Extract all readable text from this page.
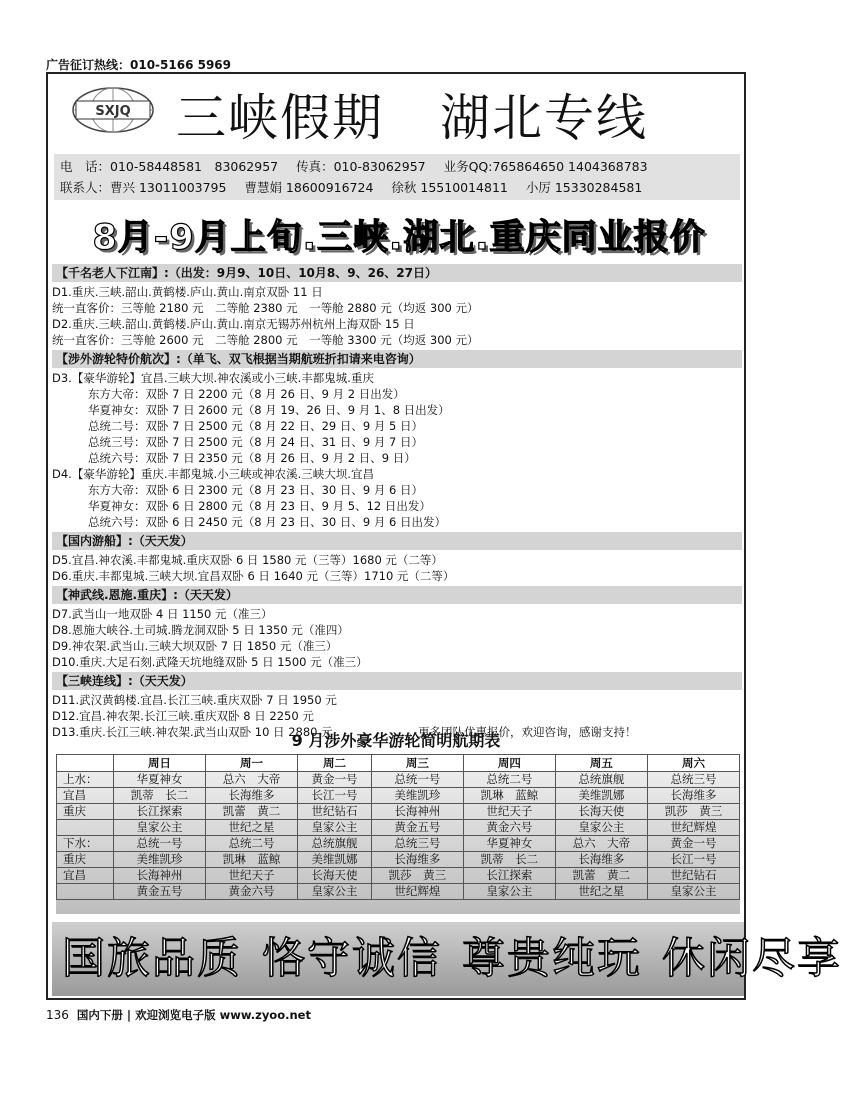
广告征订热线：010-5166 5969
SXJQ 三峡假期 湖北专线
电　话：010-58448581　83062957 传真：010-83062957 业务QQ:765864650 1404368783
联系人：曹兴 13011003795 曹慧娟 18600916724 徐秋 15510014811 小厉 15330284581
8月-9月上旬.三峡.湖北.重庆同业报价
【千名老人下江南】:（出发：9月9、10日、10月8、9、26、27日）
D1.重庆.三峡.韶山.黄鹤楼.庐山.黄山.南京双卧 11 日
统一直客价：三等舱 2180 元　二等舱 2380 元　一等舱 2880 元（均返 300 元）
D2.重庆.三峡.韶山.黄鹤楼.庐山.黄山.南京无锡苏州杭州上海双卧 15 日
统一直客价：三等舱 2600 元　二等舱 2800 元　一等舱 3300 元（均返 300 元）
【涉外游轮特价航次】:（单飞、双飞根据当期航班折扣请来电咨询）
D3.【豪华游轮】宜昌.三峡大坝.神农溪或小三峡.丰都鬼城.重庆
东方大帝：双卧 7 日 2200 元（8 月 26 日、9 月 2 日出发）
华夏神女：双卧 7 日 2600 元（8 月 19、26 日、9 月 1、8 日出发）
总统二号：双卧 7 日 2500 元（8 月 22 日、29 日、9 月 5 日）
总统三号：双卧 7 日 2500 元（8 月 24 日、31 日、9 月 7 日）
总统六号：双卧 7 日 2350 元（8 月 26 日、9 月 2 日、9 日）
D4.【豪华游轮】重庆.丰都鬼城.小三峡或神农溪.三峡大坝.宜昌
东方大帝：双卧 6 日 2300 元（8 月 23 日、30 日、9 月 6 日）
华夏神女：双卧 6 日 2800 元（8 月 23 日、9 月 5、12 日出发）
总统六号：双卧 6 日 2450 元（8 月 23 日、30 日、9 月 6 日出发）
【国内游船】:（天天发）
D5.宜昌.神农溪.丰都鬼城.重庆双卧 6 日 1580 元（三等）1680 元（二等）
D6.重庆.丰都鬼城.三峡大坝.宜昌双卧 6 日 1640 元（三等）1710 元（二等）
【神武线.恩施.重庆】:（天天发）
D7.武当山一地双卧 4 日 1150 元（准三）
D8.恩施大峡谷.土司城.腾龙洞双卧 5 日 1350 元（准四）
D9.神农架.武当山.三峡大坝双卧 7 日 1850 元（准三）
D10.重庆.大足石刻.武隆天坑地缝双卧 5 日 1500 元（准三）
【三峡连线】:（天天发）
D11.武汉黄鹤楼.宜昌.长江三峡.重庆双卧 7 日 1950 元
D12.宜昌.神农架.长江三峡.重庆双卧 8 日 2250 元
D13.重庆.长江三峡.神农架.武当山双卧 10 日 2880 元	更多团队优惠报价，欢迎咨询，感谢支持！
9 月涉外豪华游轮简明航期表
	周日	周一	周二	周三	周四	周五	周六
上水：	华夏神女	总六　大帝	黄金一号	总统一号	总统二号	总统旗舰	总统三号
宜昌	凯蒂　长二	长海维多	长江一号	美维凯珍	凯琳　蓝鲸	美维凯娜	长海维多
重庆	长江探索	凯蕾　黄二	世纪钻石	长海神州	世纪天子	长海天使	凯莎　黄三
	皇家公主	世纪之星	皇家公主	黄金五号	黄金六号	皇家公主	世纪辉煌
下水：	总统一号	总统二号	总统旗舰	总统三号	华夏神女	总六　大帝	黄金一号
重庆	美维凯珍	凯琳　蓝鲸	美维凯娜	长海维多	凯蒂　长二	长海维多	长江一号
宜昌	长海神州	世纪天子	长海天使	凯莎　黄三	长江探索	凯蕾　黄二	世纪钻石
	黄金五号	黄金六号	皇家公主	世纪辉煌	皇家公主	世纪之星	皇家公主
国旅品质 恪守诚信 尊贵纯玩 休闲尽享
136 国内下册 | 欢迎浏览电子版 www.zyoo.net
